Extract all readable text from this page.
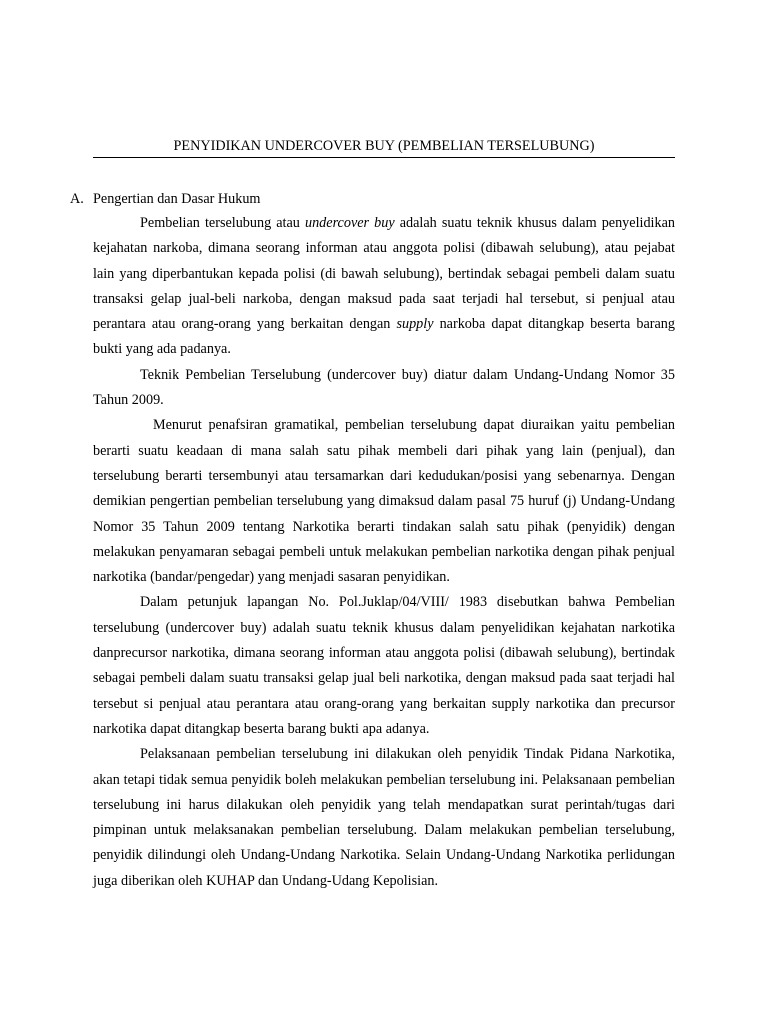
PENYIDIKAN UNDERCOVER BUY (PEMBELIAN TERSELUBUNG)
A. Pengertian dan Dasar Hukum

Pembelian terselubung atau undercover buy adalah suatu teknik khusus dalam penyelidikan kejahatan narkoba, dimana seorang informan atau anggota polisi (dibawah selubung), atau pejabat lain yang diperbantukan kepada polisi (di bawah selubung), bertindak sebagai pembeli dalam suatu transaksi gelap jual-beli narkoba, dengan maksud pada saat terjadi hal tersebut, si penjual atau perantara atau orang-orang yang berkaitan dengan supply narkoba dapat ditangkap beserta barang bukti yang ada padanya.

Teknik Pembelian Terselubung (undercover buy) diatur dalam Undang-Undang Nomor 35 Tahun 2009.

Menurut penafsiran gramatikal, pembelian terselubung dapat diuraikan yaitu pembelian berarti suatu keadaan di mana salah satu pihak membeli dari pihak yang lain (penjual), dan terselubung berarti tersembunyi atau tersamarkan dari kedudukan/posisi yang sebenarnya. Dengan demikian pengertian pembelian terselubung yang dimaksud dalam pasal 75 huruf (j) Undang-Undang Nomor 35 Tahun 2009 tentang Narkotika berarti tindakan salah satu pihak (penyidik) dengan melakukan penyamaran sebagai pembeli untuk melakukan pembelian narkotika dengan pihak penjual narkotika (bandar/pengedar) yang menjadi sasaran penyidikan.

Dalam petunjuk lapangan No. Pol.Juklap/04/VIII/ 1983 disebutkan bahwa Pembelian terselubung (undercover buy) adalah suatu teknik khusus dalam penyelidikan kejahatan narkotika danprecursor narkotika, dimana seorang informan atau anggota polisi (dibawah selubung), bertindak sebagai pembeli dalam suatu transaksi gelap jual beli narkotika, dengan maksud pada saat terjadi hal tersebut si penjual atau perantara atau orang-orang yang berkaitan supply narkotika dan precursor narkotika dapat ditangkap beserta barang bukti apa adanya.

Pelaksanaan pembelian terselubung ini dilakukan oleh penyidik Tindak Pidana Narkotika, akan tetapi tidak semua penyidik boleh melakukan pembelian terselubung ini. Pelaksanaan pembelian terselubung ini harus dilakukan oleh penyidik yang telah mendapatkan surat perintah/tugas dari pimpinan untuk melaksanakan pembelian terselubung. Dalam melakukan pembelian terselubung, penyidik dilindungi oleh Undang-Undang Narkotika. Selain Undang-Undang Narkotika perlidungan juga diberikan oleh KUHAP dan Undang-Udang Kepolisian.
